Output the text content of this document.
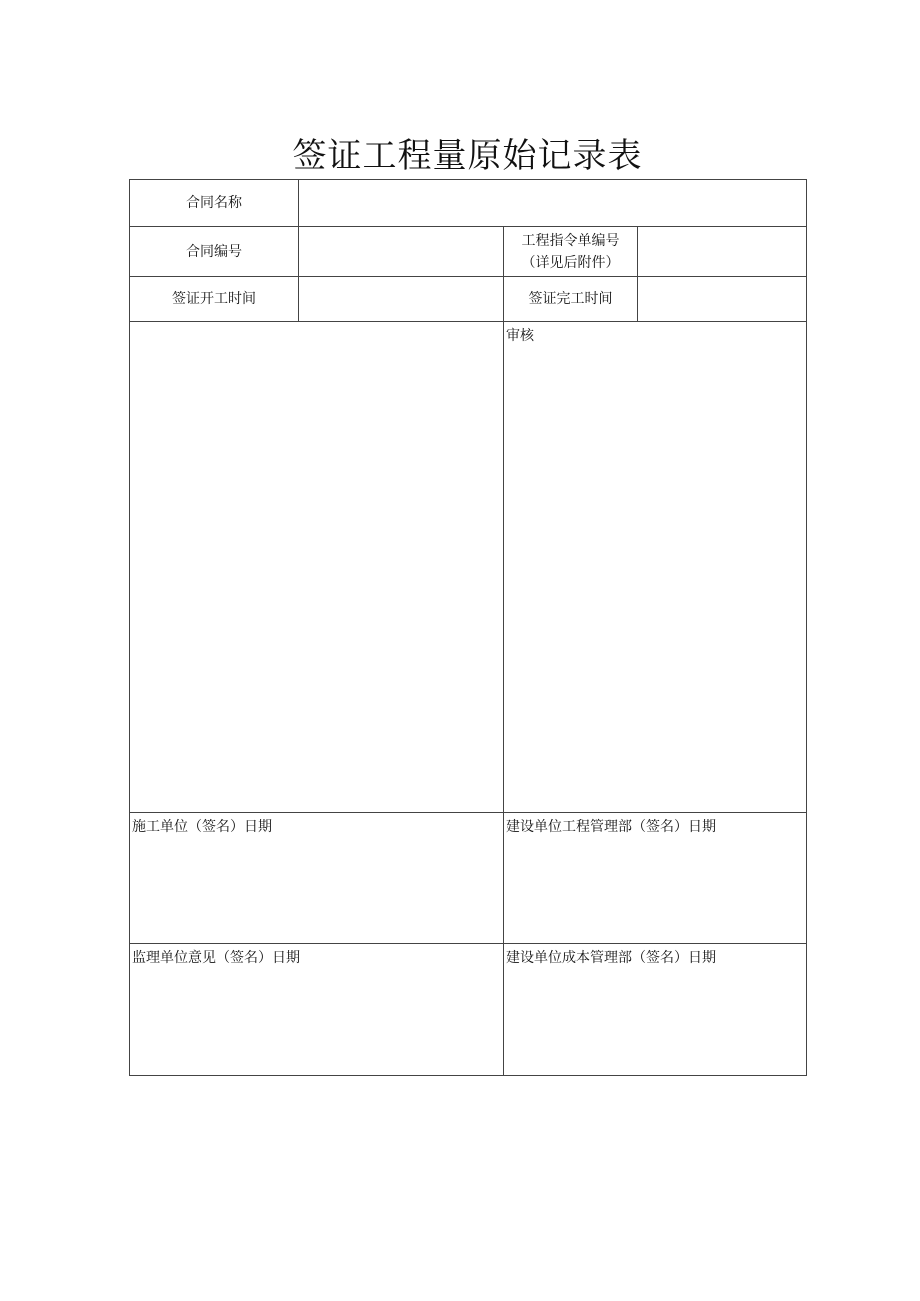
签证工程量原始记录表
合同名称			
合同编号		工程指令单编号
（详见后附件）	

签证开工时间		签证完工时间	
		审核	
施工单位（签名）日期		建设单位工程管理部（签名）日期	
监理单位意见（签名）日期		建设单位成本管理部（签名）日期	
